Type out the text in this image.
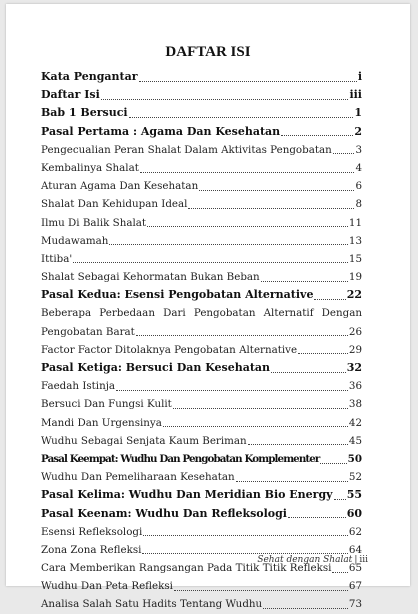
DAFTAR ISI
Kata Pengantar	i
Daftar Isi	iii
Bab 1 Bersuci	1
Pasal Pertama : Agama Dan Kesehatan	2
Pengecualian Peran Shalat Dalam Aktivitas Pengobatan 3
Kembalinya Shalat	4
Aturan Agama Dan Kesehatan	6
Shalat Dan Kehidupan Ideal	8
Ilmu Di Balik Shalat	11
Mudawamah	13
Ittiba'	15
Shalat Sebagai Kehormatan Bukan Beban	19
Pasal Kedua: Esensi Pengobatan Alternative	22
Beberapa Perbedaan Dari Pengobatan Alternatif Dengan
Pengobatan Barat	26
Factor Factor Ditolaknya Pengobatan Alternative	29
Pasal Ketiga: Bersuci Dan Kesehatan	32
Faedah Istinja	36
Bersuci Dan Fungsi Kulit	38
Mandi Dan Urgensinya	42
Wudhu Sebagai Senjata Kaum Beriman	45
Pasal Keempat: Wudhu Dan Pengobatan Komplementer	50
Wudhu Dan Pemeliharaan Kesehatan	52
Pasal Kelima: Wudhu Dan Meridian Bio Energy 55
Pasal Keenam: Wudhu Dan Refleksologi	60
Esensi Refleksologi	62
Zona Zona Refleksi	64
Cara Memberikan Rangsangan Pada Titik Titik Refleksi 65
Wudhu Dan Peta Refleksi	67
Analisa Salah Satu Hadits Tentang Wudhu	73
Sehat dengan Shalat | iii
